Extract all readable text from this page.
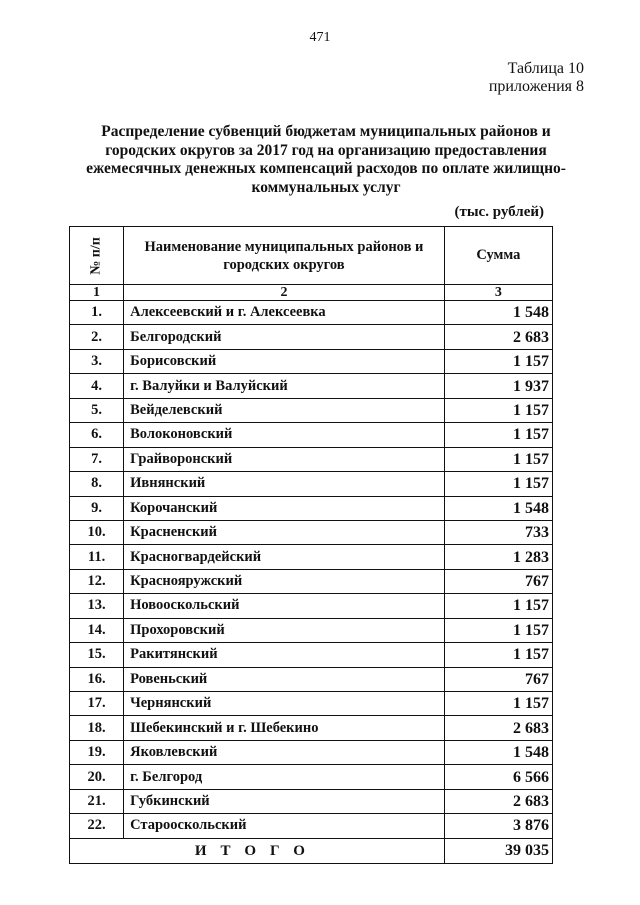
471
Таблица 10
приложения 8
Распределение субвенций бюджетам муниципальных районов и
городских округов за 2017 год на организацию предоставления
ежемесячных денежных компенсаций расходов по оплате жилищно-
коммунальных услуг
(тыс. рублей)
№ п/п	Наименование муниципальных районов и
городских округов	Сумма
1	2	3
1.	Алексеевский и г. Алексеевка	1 548
2.	Белгородский	2 683
3.	Борисовский	1 157
4.	г. Валуйки и Валуйский	1 937
5.	Вейделевский	1 157
6.	Волоконовский	1 157
7.	Грайворонский	1 157
8.	Ивнянский	1 157
9.	Корочанский	1 548
10.	Красненский	733
11.	Красногвардейский	1 283
12.	Краснояружский	767
13.	Новооскольский	1 157
14.	Прохоровский	1 157
15.	Ракитянский	1 157
16.	Ровеньский	767
17.	Чернянский	1 157
18.	Шебекинский и г. Шебекино	2 683
19.	Яковлевский	1 548
20.	г. Белгород	6 566
21.	Губкинский	2 683
22.	Старооскольский	3 876
ИТОГО		39 035
